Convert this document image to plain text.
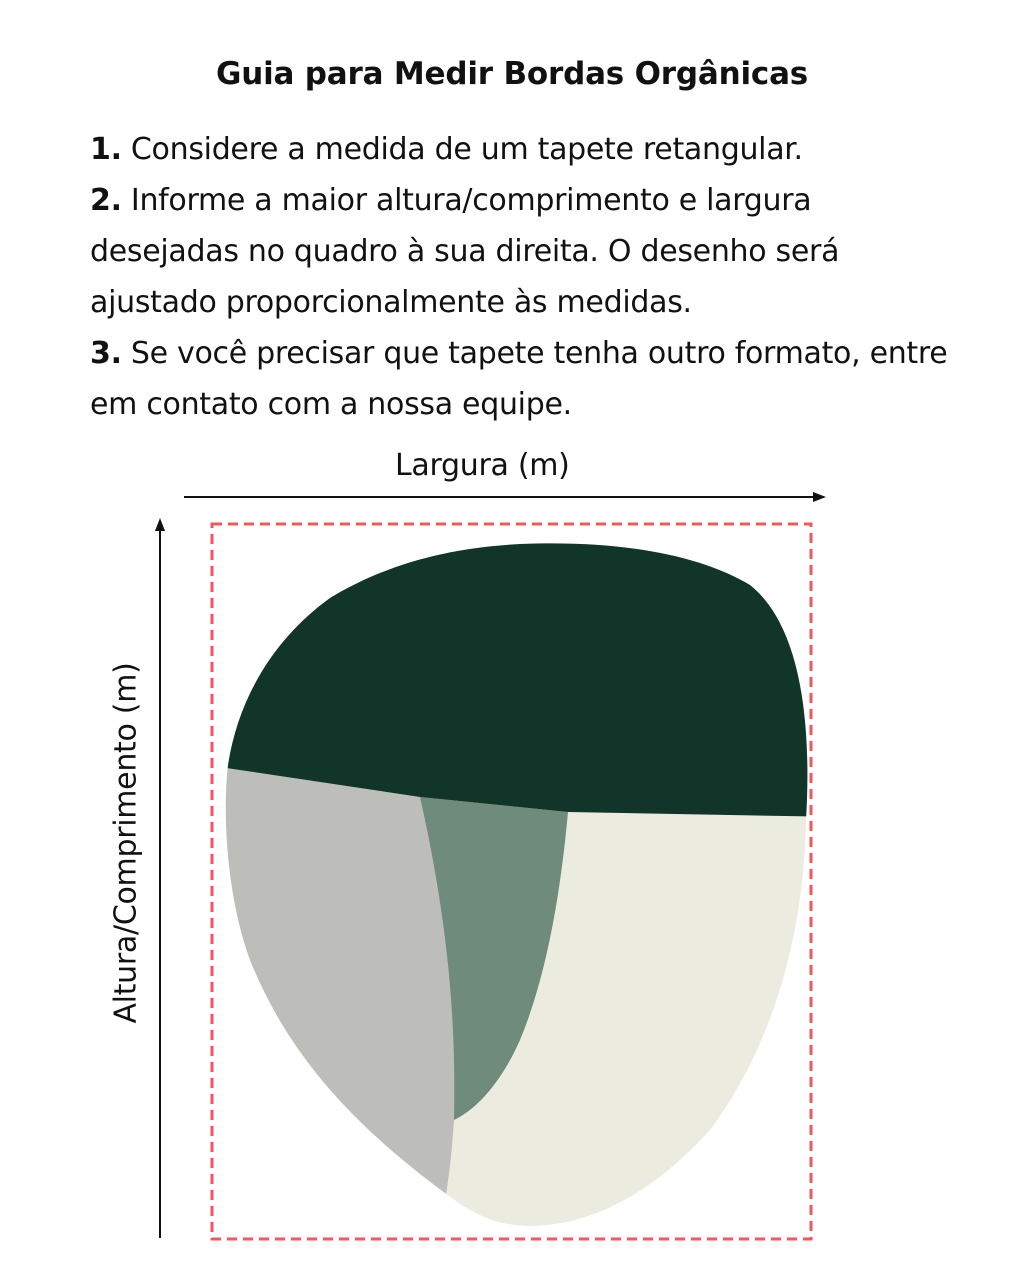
Guia para Medir Bordas Orgânicas
1. Considere a medida de um tapete retangular.
2. Informe a maior altura/comprimento e largura desejadas no quadro à sua direita. O desenho será ajustado proporcionalmente às medidas.
3. Se você precisar que tapete tenha outro formato, entre em contato com a nossa equipe.
Largura (m)
Altura/Comprimento (m)
